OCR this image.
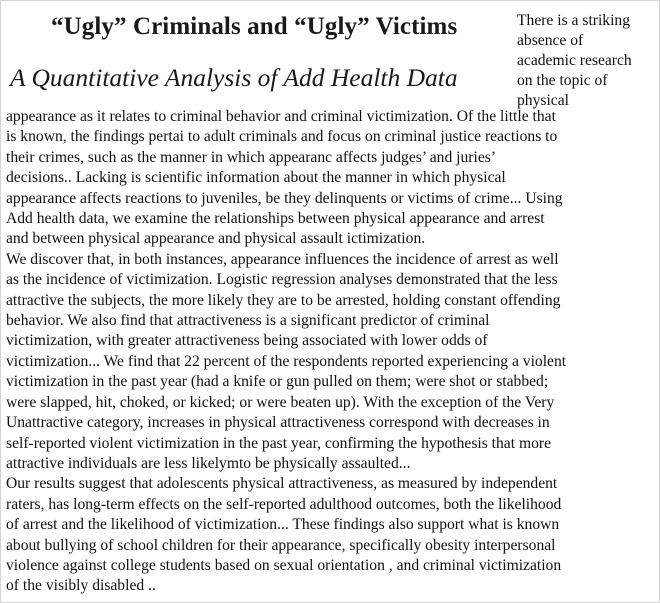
“Ugly” Criminals and “Ugly” Victims
A Quantitative Analysis of Add Health Data
There is a striking
absence of
academic research
on the topic of
physical
appearance as it relates to criminal behavior and criminal victimization. Of the little that
is known, the findings pertai to adult criminals and focus on criminal justice reactions to
their crimes, such as the manner in which appearanc affects judges’ and juries’
decisions.. Lacking is scientific information about the manner in which physical
appearance affects reactions to juveniles, be they delinquents or victims of crime... Using
Add health data, we examine the relationships between physical appearance and arrest
and between physical appearance and physical assault ictimization.
We discover that, in both instances, appearance influences the incidence of arrest as well
as the incidence of victimization. Logistic regression analyses demonstrated that the less
attractive the subjects, the more likely they are to be arrested, holding constant offending
behavior. We also find that attractiveness is a significant predictor of criminal
victimization, with greater attractiveness being associated with lower odds of
victimization... We find that 22 percent of the respondents reported experiencing a violent
victimization in the past year (had a knife or gun pulled on them; were shot or stabbed;
were slapped, hit, choked, or kicked; or were beaten up). With the exception of the Very
Unattractive category, increases in physical attractiveness correspond with decreases in
self-reported violent victimization in the past year, confirming the hypothesis that more
attractive individuals are less likelymto be physically assaulted...
Our results suggest that adolescents physical attractiveness, as measured by independent
raters, has long-term effects on the self-reported adulthood outcomes, both the likelihood
of arrest and the likelihood of victimization... These findings also support what is known
about bullying of school children for their appearance, specifically obesity interpersonal
violence against college students based on sexual orientation , and criminal victimization
of the visibly disabled ..
